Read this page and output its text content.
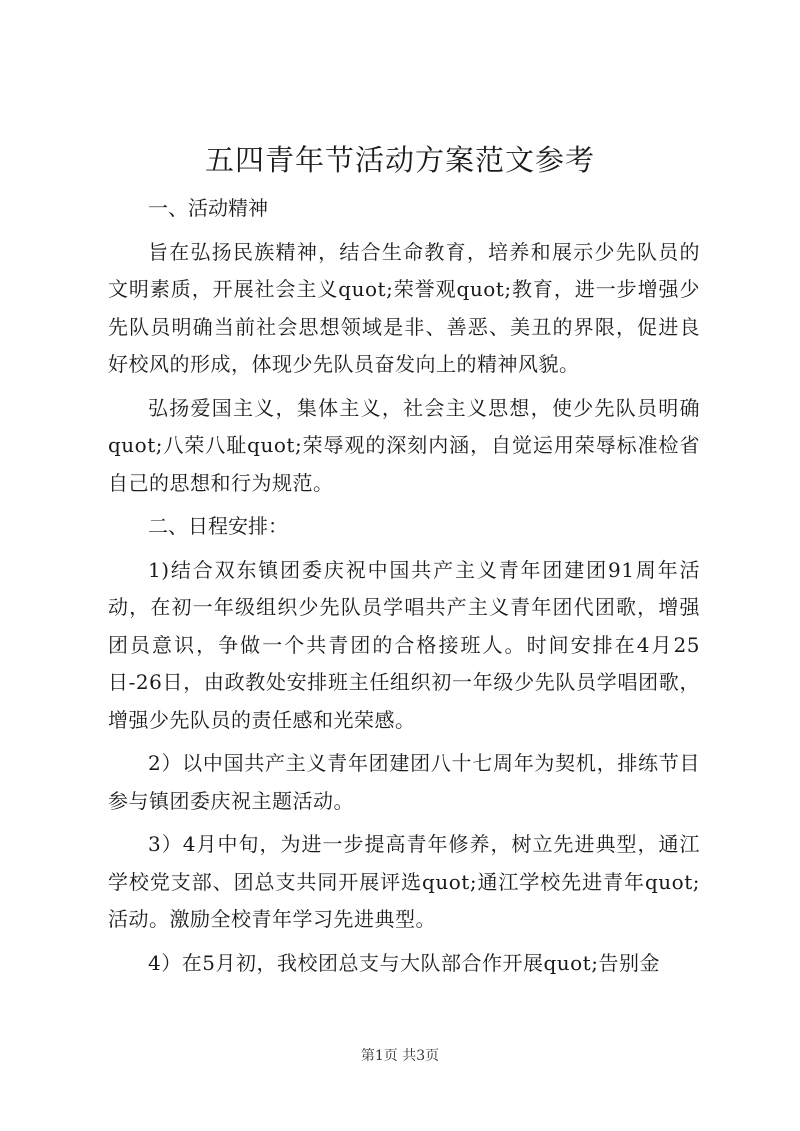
五四青年节活动方案范文参考

一、活动精神

旨在弘扬民族精神，结合生命教育，培养和展示少先队员的文明素质，开展社会主义quot;荣誉观quot;教育，进一步增强少先队员明确当前社会思想领域是非、善恶、美丑的界限，促进良好校风的形成，体现少先队员奋发向上的精神风貌。

弘扬爱国主义，集体主义，社会主义思想，使少先队员明确quot;八荣八耻quot;荣辱观的深刻内涵，自觉运用荣辱标准检省自己的思想和行为规范。

二、日程安排：

1)结合双东镇团委庆祝中国共产主义青年团建团91周年活动，在初一年级组织少先队员学唱共产主义青年团代团歌，增强团员意识，争做一个共青团的合格接班人。时间安排在4月25日-26日，由政教处安排班主任组织初一年级少先队员学唱团歌，增强少先队员的责任感和光荣感。

2）以中国共产主义青年团建团八十七周年为契机，排练节目参与镇团委庆祝主题活动。

3）4月中旬，为进一步提高青年修养，树立先进典型，通江学校党支部、团总支共同开展评选quot;通江学校先进青年quot;活动。激励全校青年学习先进典型。

4）在5月初，我校团总支与大队部合作开展quot;告别金

第1页 共3页
